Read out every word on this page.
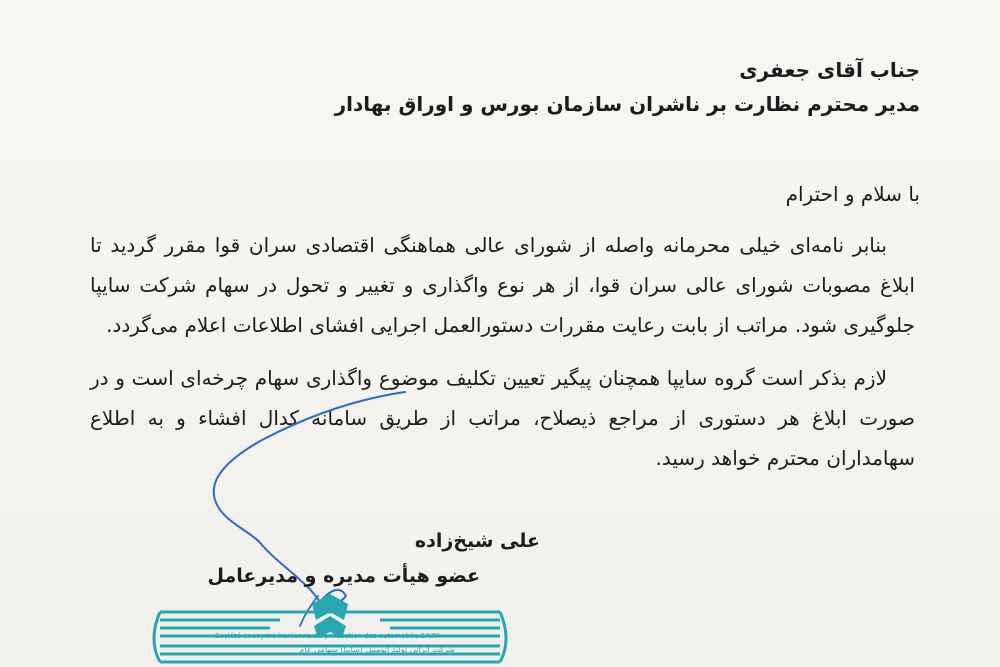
جناب آقای جعفری
مدیر محترم نظارت بر ناشران سازمان بورس و اوراق بهادار
با سلام و احترام
بنابر نامه‌ای خیلی محرمانه واصله از شورای عالی هماهنگی اقتصادی سران قوا مقرر گردید تا ابلاغ مصوبات شورای عالی سران قوا، از هر نوع واگذاری و تغییر و تحول در سهام شرکت سایپا جلوگیری شود. مراتب از بابت رعایت مقررات دستورالعمل اجرایی افشای اطلاعات اعلام می‌گردد.
لازم بذکر است گروه سایپا همچنان پیگیر تعیین تکلیف موضوع واگذاری سهام چرخه‌ای است و در صورت ابلاغ هر دستوری از مراجع ذیصلاح، مراتب از طریق سامانه کدال افشاء و به اطلاع سهامداران محترم خواهد رسید.
علی شیخ‌زاده
عضو هیأت مدیره و مدیرعامل
Société anonyme Iranienne de production des automobile SAIPA
شرکت ایرانی تولید اتومبیل (سایپا) سهامی عام
